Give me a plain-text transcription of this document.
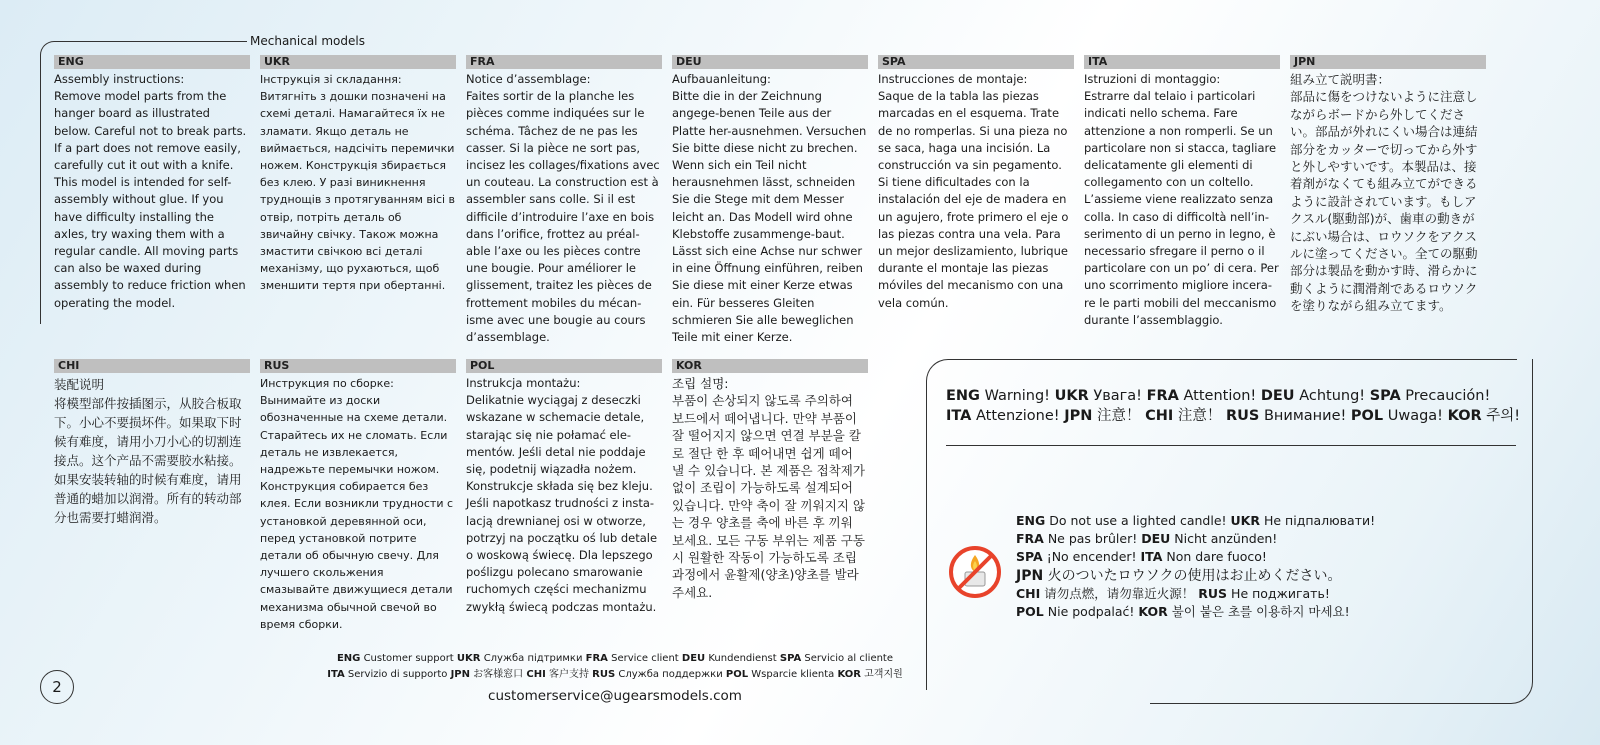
Mechanical models
ENG
Assembly instructions:
Remove model parts from the hanger board as illustrated below. Careful not to break parts. If a part does not remove easily, carefully cut it out with a knife. This model is intended for self-assembly without glue. If you have difficulty installing the axles, try waxing them with a regular candle. All moving parts can also be waxed during assembly to reduce friction when operating the model.
UKR
Інструкція зі складання:
Витягніть з дошки позначені на схемі деталі. Намагайтеся їх не зламати. Якщо деталь не виймається, надсічіть перемички ножем. Конструкція збирається без клею. У разі виникнення труднощів з протягуванням вісі в отвір, потріть деталь об звичайну свічку. Також можна змастити свічкою всі деталі механізму, що рухаються, щоб зменшити тертя при обертанні.
FRA
Notice d’assemblage:
Faites sortir de la planche les pièces comme indiquées sur le schéma. Tâchez de ne pas les casser. Si la pièce ne sort pas, incisez les collages/fixations avec un couteau. La construction est à assembler sans colle. Si il est difficile d’introduire l’axe en bois dans l’orifice, frottez au préal-able l’axe ou les pièces contre une bougie. Pour améliorer le glissement, traitez les pièces de frottement mobiles du mécan-isme avec une bougie au cours d’assemblage.
DEU
Aufbauanleitung:
Bitte die in der Zeichnung angege-benen Teile aus der Platte her-ausnehmen. Versuchen Sie bitte diese nicht zu brechen. Wenn sich ein Teil nicht herausnehmen lässt, schneiden Sie die Stege mit dem Messer leicht an. Das Modell wird ohne Klebstoffe zusammenge-baut. Lässt sich eine Achse nur schwer in eine Öffnung einführen, reiben Sie diese mit einer Kerze etwas ein. Für besseres Gleiten schmieren Sie alle beweglichen Teile mit einer Kerze.
SPA
Instrucciones de montaje:
Saque de la tabla las piezas marcadas en el esquema. Trate de no romperlas. Si una pieza no se saca, haga una incisión. La construcción va sin pegamento. Si tiene dificultades con la instalación del eje de madera en un agujero, frote primero el eje o las piezas contra una vela. Para un mejor deslizamiento, lubrique durante el montaje las piezas móviles del mecanismo con una vela común.
ITA
Istruzioni di montaggio:
Estrarre dal telaio i particolari indicati nello schema. Fare attenzione a non romperli. Se un particolare non si stacca, tagliare delicatamente gli elementi di collegamento con un coltello. L’assieme viene realizzato senza colla. In caso di difficoltà nell’in-serimento di un perno in legno, è necessario sfregare il perno o il particolare con un po’ di cera. Per uno scorrimento migliore incera-re le parti mobili del meccanismo durante l’assemblaggio.
JPN
組み立て説明書：
部品に傷をつけないように注意しながらボードから外してください。部品が外れにくい場合は連結部分をカッターで切ってから外すと外しやすいです。本製品は、接着剤がなくても組み立てができるように設計されています。もしアクスル(駆動部)が、歯車の動きがにぶい場合は、ロウソクをアクスルに塗ってください。全ての駆動部分は製品を動かす時、滑らかに動くように潤滑剤であるロウソクを塗りながら組み立てます。
CHI
装配说明
将模型部件按插图示，从胶合板取下。小心不要损坏件。如果取下时候有难度，请用小刀小心的切割连接点。这个产品不需要胶水粘接。如果安装转轴的时候有难度，请用普通的蜡加以润滑。所有的转动部分也需要打蜡润滑。
RUS
Инструкция по сборке:
Вынимайте из доски обозначенные на схеме детали. Старайтесь их не сломать. Если деталь не извлекается, надрежьте перемычки ножом. Конструкция собирается без клея. Если возникли трудности с установкой деревянной оси, перед установкой потрите детали об обычную свечу. Для лучшего скольжения смазывайте движущиеся детали механизма обычной свечой во время сборки.
POL
Instrukcja montażu:
Delikatnie wyciągaj z deseczki wskazane w schemacie detale, starając się nie połamać ele-mentów. Jeśli detal nie poddaje się, podetnij wiązadła nożem. Konstrukcje składa się bez kleju. Jeśli napotkasz trudności z insta-lacją drewnianej osi w otworze, potrzyj na początku oś lub detale o woskową świecę. Dla lepszego poślizgu polecano smarowanie ruchomych części mechanizmu zwykłą świecą podczas montażu.
KOR
조립 설명:
부품이 손상되지 않도록 주의하여 보드에서 떼어냅니다. 만약 부품이 잘 떨어지지 않으면 연결 부분을 칼로 절단 한 후 떼어내면 쉽게 떼어 낼 수 있습니다. 본 제품은 접착제가 없이 조립이 가능하도록 설계되어 있습니다. 만약 축이 잘 끼워지지 않는 경우 양초를 축에 바른 후 끼워 보세요. 모든 구동 부위는 제품 구동 시 원활한 작동이 가능하도록 조립 과정에서 윤활제(양초)양초를 발라 주세요.
ENG Warning! UKR Увага! FRA Attention! DEU Achtung! SPA Precaución!
ITA Attenzione! JPN 注意！ CHI 注意！ RUS Внимание! POL Uwaga! KOR 주의!
ENG Do not use a lighted candle! UKR Не підпалювати!
FRA Ne pas brûler! DEU Nicht anzünden!
SPA ¡No encender! ITA Non dare fuoco!
JPN 火のついたロウソクの使用はお止めください。
CHI 请勿点燃，请勿靠近火源！ RUS Не поджигать!
POL Nie podpalać! KOR 불이 붙은 초를 이용하지 마세요!
ENG Customer support UKR Служба підтримки FRA Service client DEU Kundendienst SPA Servicio al cliente
ITA Servizio di supporto JPN お客様窓口 CHI 客户支持 RUS Служба поддержки POL Wsparcie klienta KOR 고객지원
customerservice@ugearsmodels.com
2
